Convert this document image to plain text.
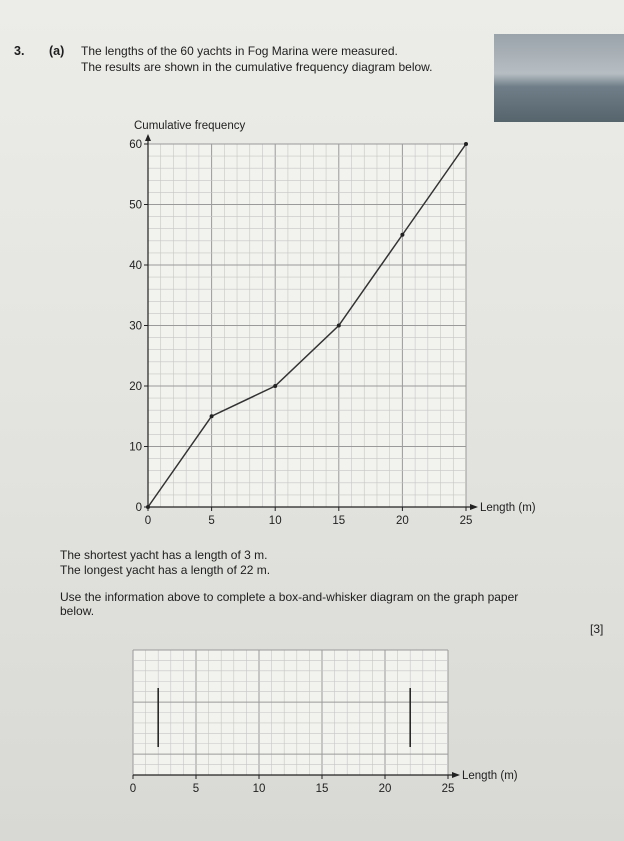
3. (a) The lengths of the 60 yachts in Fog Marina were measured.
The results are shown in the cumulative frequency diagram below.
0
10
20
30
40
50
60
0	5	10	15	20	25
Cumulative frequency
Length (m)
The shortest yacht has a length of 3 m.
The longest yacht has a length of 22 m.
Use the information above to complete a box-and-whisker diagram on the graph paper
below.
[3]
0	5	10	15	20	25
Length (m)
